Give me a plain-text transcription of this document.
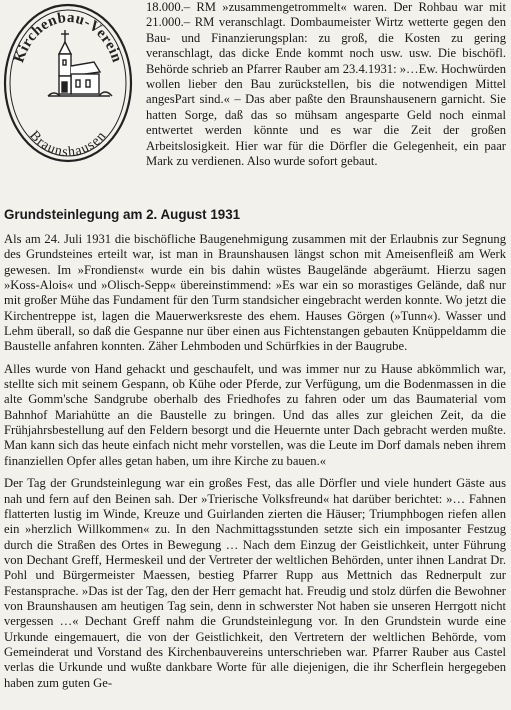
Kirchenbau-Verein
Braunshausen
18.000.– RM »zusammengetrommelt« waren. Der Rohbau war mit 21.000.– RM veranschlagt. Dombaumeister Wirtz wetterte gegen den Bau- und Finanzierungsplan: zu groß, die Kosten zu gering veranschlagt, das dicke Ende kommt noch usw. usw. Die bischöfl. Behörde schrieb an Pfarrer Rauber am 23.4.1931: »…Ew. Hochwürden wollen lieber den Bau zurückstellen, bis die notwendigen Mittel angesPart sind.« – Das aber paßte den Braunshausenern garnicht. Sie hatten Sorge, daß das so mühsam angesparte Geld noch einmal entwertet werden könnte und es war die Zeit der großen Arbeitslosigkeit. Hier war für die Dörfler die Gelegenheit, ein paar Mark zu verdienen. Also wurde sofort gebaut.
Grundsteinlegung am 2. August 1931

Als am 24. Juli 1931 die bischöfliche Baugenehmigung zusammen mit der Erlaubnis zur Segnung des Grundsteines erteilt war, ist man in Braunshausen längst schon mit Ameisenfleiß am Werk gewesen. Im »Frondienst« wurde ein bis dahin wüstes Baugelände abgeräumt. Hierzu sagen »Koss-Alois« und »Olisch-Sepp« übereinstimmend: »Es war ein so morastiges Gelände, daß nur mit großer Mühe das Fundament für den Turm standsicher eingebracht werden konnte. Wo jetzt die Kirchentreppe ist, lagen die Mauerwerksreste des ehem. Hauses Görgen (»Tunn«). Wasser und Lehm überall, so daß die Gespanne nur über einen aus Fichtenstangen gebauten Knüppeldamm die Baustelle anfahren konnten. Zäher Lehmboden und Schürfkies in der Baugrube.

Alles wurde von Hand gehackt und geschaufelt, und was immer nur zu Hause abkömmlich war, stellte sich mit seinem Gespann, ob Kühe oder Pferde, zur Verfügung, um die Bodenmassen in die alte Gomm'sche Sandgrube oberhalb des Friedhofes zu fahren oder um das Baumaterial vom Bahnhof Mariahütte an die Baustelle zu bringen. Und das alles zur gleichen Zeit, da die Frühjahrsbestellung auf den Feldern besorgt und die Heuernte unter Dach gebracht werden mußte. Man kann sich das heute einfach nicht mehr vorstellen, was die Leute im Dorf damals neben ihrem finanziellen Opfer alles getan haben, um ihre Kirche zu bauen.«

Der Tag der Grundsteinlegung war ein großes Fest, das alle Dörfler und viele hundert Gäste aus nah und fern auf den Beinen sah. Der »Trierische Volksfreund« hat darüber berichtet: »… Fahnen flatterten lustig im Winde, Kreuze und Guirlanden zierten die Häuser; Triumphbogen riefen allen ein »herzlich Willkommen« zu. In den Nachmittagsstunden setzte sich ein imposanter Festzug durch die Straßen des Ortes in Bewegung … Nach dem Einzug der Geistlichkeit, unter Führung von Dechant Greff, Hermeskeil und der Vertreter der weltlichen Behörden, unter ihnen Landrat Dr. Pohl und Bürgermeister Maessen, bestieg Pfarrer Rupp aus Mettnich das Rednerpult zur Festansprache. »Das ist der Tag, den der Herr gemacht hat. Freudig und stolz dürfen die Bewohner von Braunshausen am heutigen Tag sein, denn in schwerster Not haben sie unseren Herrgott nicht vergessen …« Dechant Greff nahm die Grundsteinlegung vor. In den Grundstein wurde eine Urkunde eingemauert, die von der Geistlichkeit, den Vertretern der weltlichen Behörde, vom Gemeinderat und Vorstand des Kirchenbauvereins unterschrieben war. Pfarrer Rauber aus Castel verlas die Urkunde und wußte dankbare Worte für alle diejenigen, die ihr Scherflein hergegeben haben zum guten Ge-
